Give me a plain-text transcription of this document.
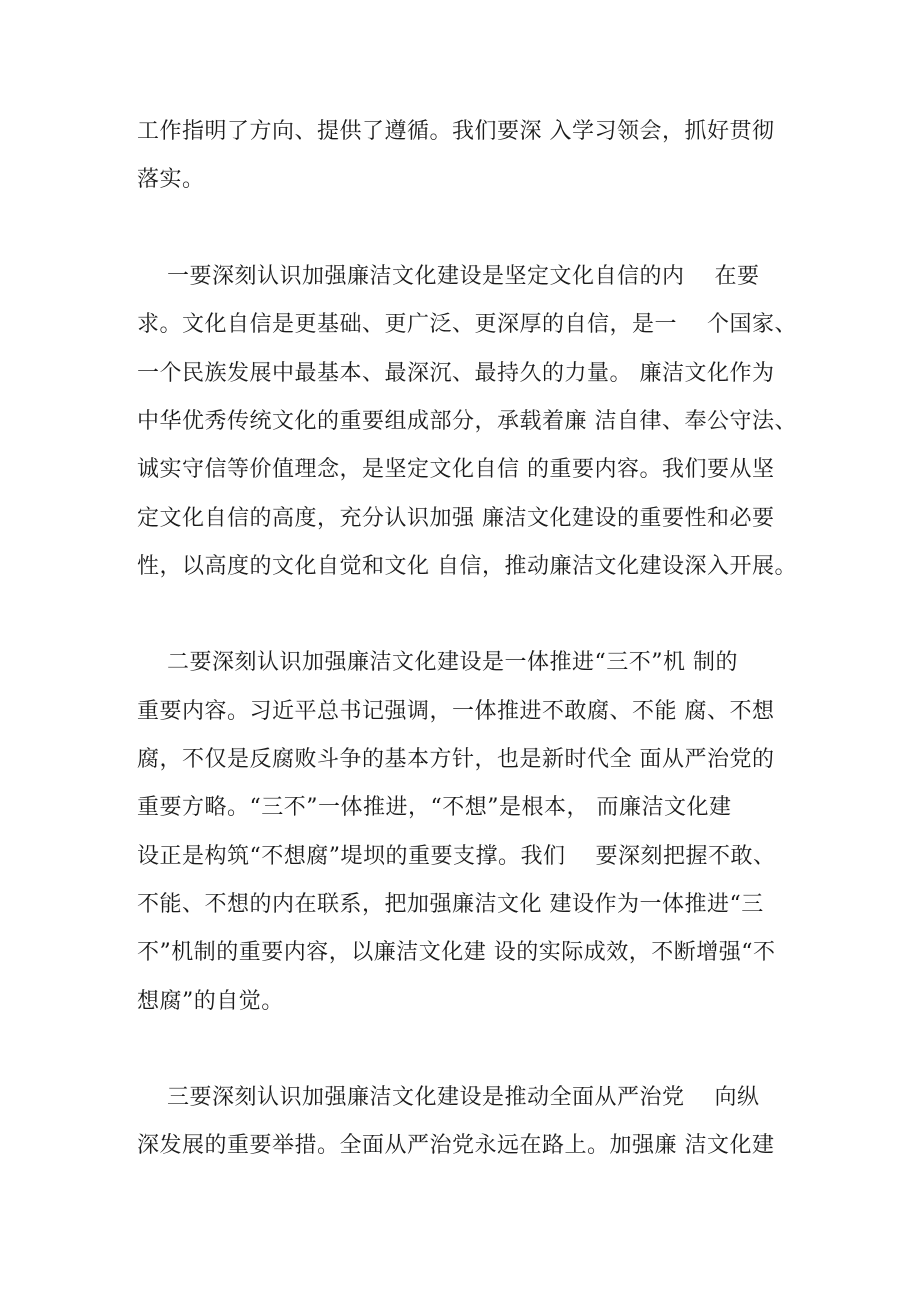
工作指明了方向、提供了遵循。我们要深 入学习领会，抓好贯彻
落实。
一要深刻认识加强廉洁文化建设是坚定文化自信的内    在要
求。文化自信是更基础、更广泛、更深厚的自信，是一    个国家、
一个民族发展中最基本、最深沉、最持久的力量。 廉洁文化作为
中华优秀传统文化的重要组成部分，承载着廉 洁自律、奉公守法、
诚实守信等价值理念，是坚定文化自信 的重要内容。我们要从坚
定文化自信的高度，充分认识加强 廉洁文化建设的重要性和必要
性，以高度的文化自觉和文化 自信，推动廉洁文化建设深入开展。
二要深刻认识加强廉洁文化建设是一体推进“三不”机 制的
重要内容。习近平总书记强调，一体推进不敢腐、不能 腐、不想
腐，不仅是反腐败斗争的基本方针，也是新时代全 面从严治党的
重要方略。“三不”一体推进，“不想”是根本， 而廉洁文化建
设正是构筑“不想腐”堤坝的重要支撑。我们    要深刻把握不敢、
不能、不想的内在联系，把加强廉洁文化 建设作为一体推进“三
不”机制的重要内容，以廉洁文化建 设的实际成效，不断增强“不
想腐”的自觉。
三要深刻认识加强廉洁文化建设是推动全面从严治党    向纵
深发展的重要举措。全面从严治党永远在路上。加强廉 洁文化建
